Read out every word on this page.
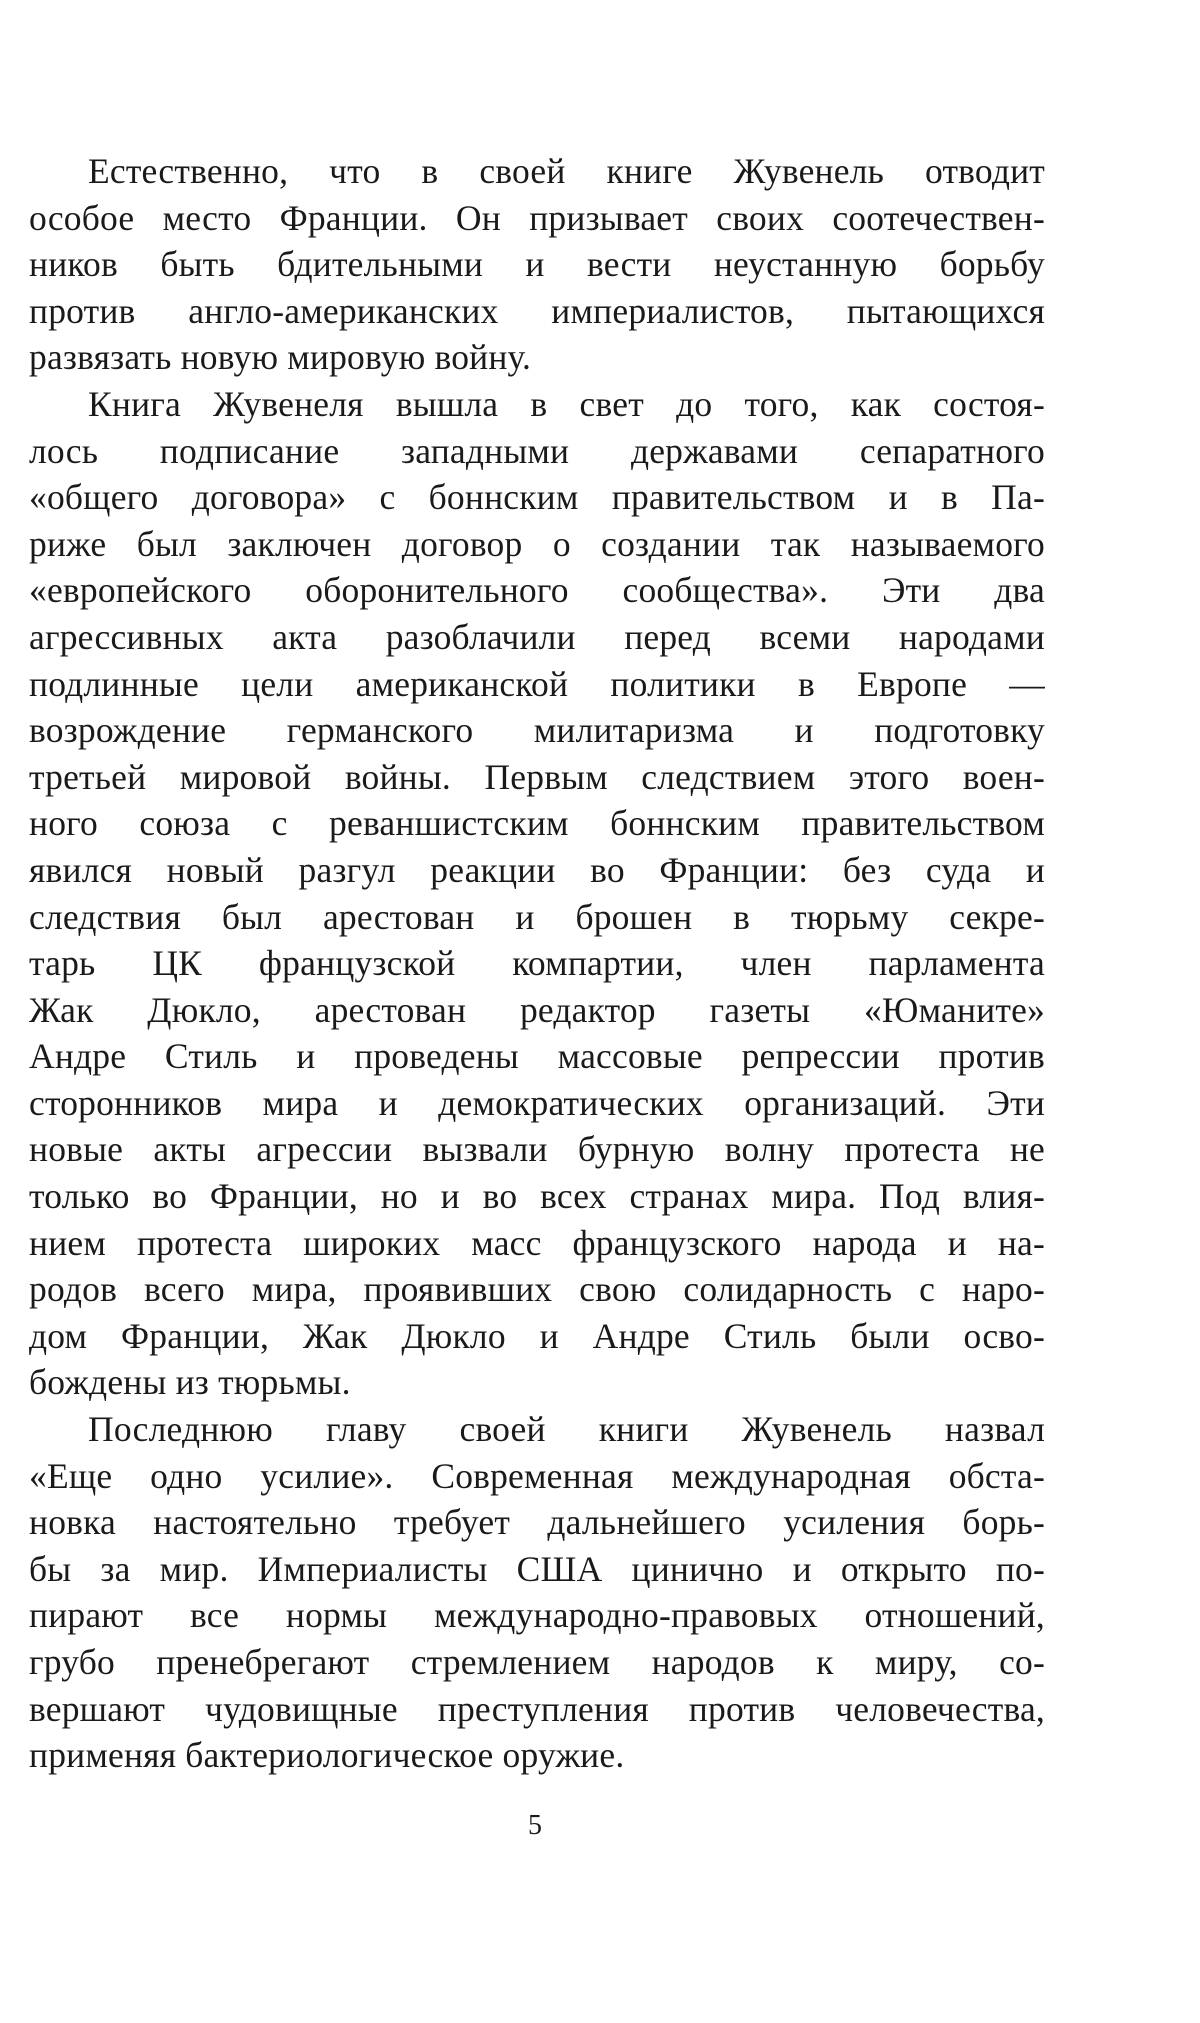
Естественно, что в своей книге Жувенель отводит
особое место Франции. Он призывает своих соотечествен-
ников быть бдительными и вести неустанную борьбу
против англо-американских империалистов, пытающихся
развязать новую мировую войну.
Книга Жувенеля вышла в свет до того, как состоя-
лось подписание западными державами сепаратного
«общего договора» с боннским правительством и в Па-
риже был заключен договор о создании так называемого
«европейского оборонительного сообщества». Эти два
агрессивных акта разоблачили перед всеми народами
подлинные цели американской политики в Европе —
возрождение германского милитаризма и подготовку
третьей мировой войны. Первым следствием этого воен-
ного союза с реваншистским боннским правительством
явился новый разгул реакции во Франции: без суда и
следствия был арестован и брошен в тюрьму секре-
тарь ЦК французской компартии, член парламента
Жак Дюкло, арестован редактор газеты «Юманите»
Андре Стиль и проведены массовые репрессии против
сторонников мира и демократических организаций. Эти
новые акты агрессии вызвали бурную волну протеста не
только во Франции, но и во всех странах мира. Под влия-
нием протеста широких масс французского народа и на-
родов всего мира, проявивших свою солидарность с наро-
дом Франции, Жак Дюкло и Андре Стиль были осво-
бождены из тюрьмы.
Последнюю главу своей книги Жувенель назвал
«Еще одно усилие». Современная международная обста-
новка настоятельно требует дальнейшего усиления борь-
бы за мир. Империалисты США цинично и открыто по-
пирают все нормы международно-правовых отношений,
грубо пренебрегают стремлением народов к миру, со-
вершают чудовищные преступления против человечества,
применяя бактериологическое оружие.
5
